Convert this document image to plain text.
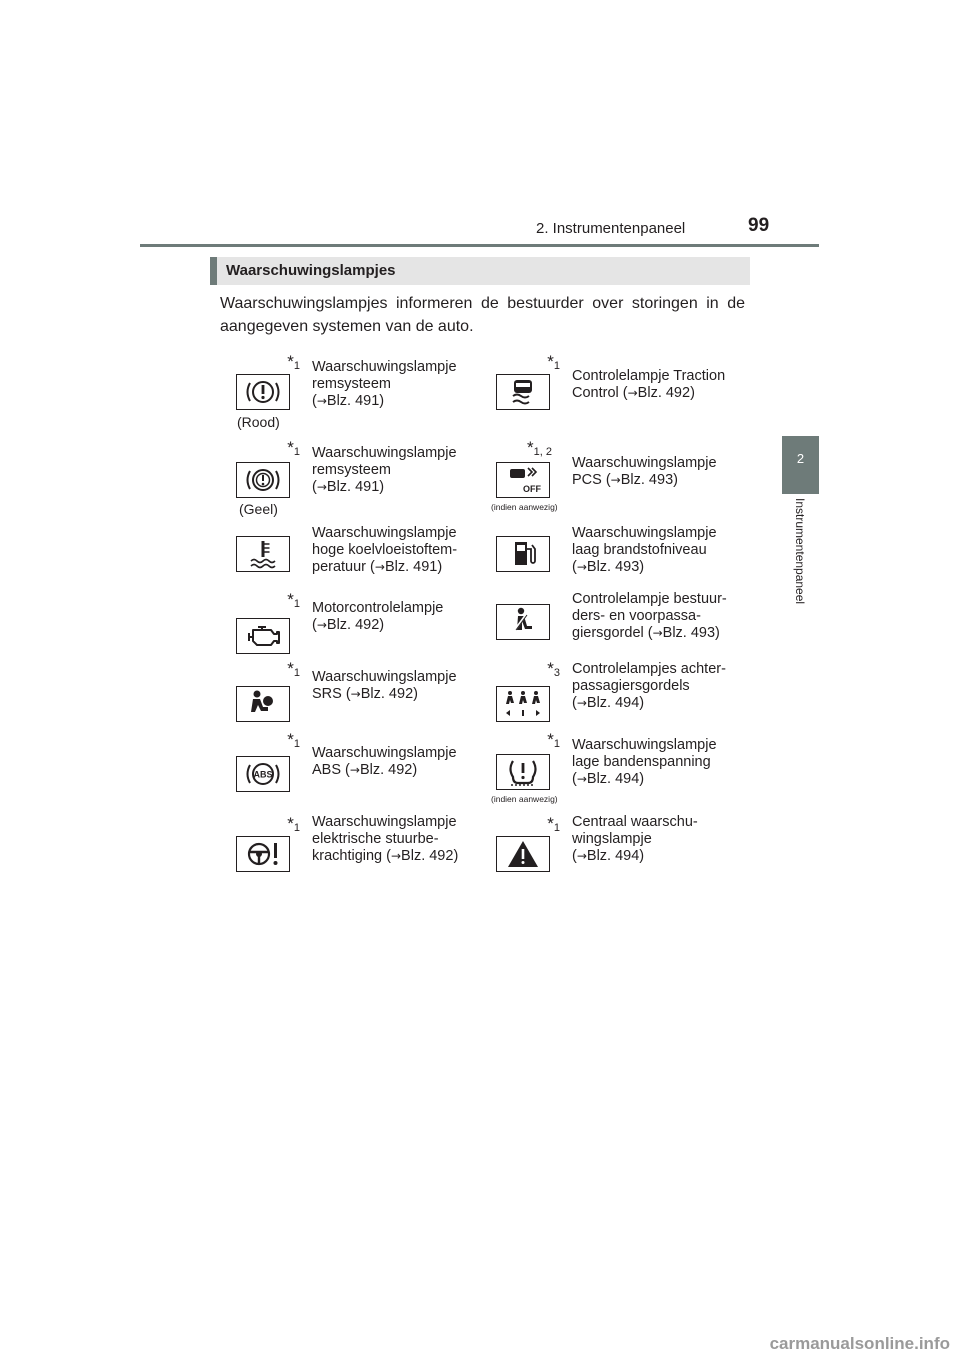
2. Instrumentenpaneel	99
2
Instrumentenpaneel
Waarschuwingslampjes
Waarschuwingslampjes informeren de bestuurder over storingen in de aangegeven systemen van de auto.
$*_1$
(Rood)
Waarschuwingslampje
remsysteem
(→Blz. 491)
$*_1$
Controlelampje Traction
Control (→Blz. 492)
$*_1$
(Geel)
Waarschuwingslampje
remsysteem
(→Blz. 491)
$*_{1, 2}$
OFF
(indien aanwezig)
Waarschuwingslampje
PCS (→Blz. 493)
Waarschuwingslampje
hoge koelvloeistoftem-
peratuur (→Blz. 491)
Waarschuwingslampje
laag brandstofniveau
(→Blz. 493)
$*_1$ Motorcontrolelampje
(→Blz. 492)
Controlelampje bestuur-
ders- en voorpassa-
giersgordel (→Blz. 493)
$*_1$ Waarschuwingslampje
SRS (→Blz. 492)
$*_3$ Controlelampjes achter-
passagiersgordels
(→Blz. 494)
$*_1$
ABS
Waarschuwingslampje
ABS (→Blz. 492)
$*_1$
(indien aanwezig)
Waarschuwingslampje
lage bandenspanning
(→Blz. 494)
$*_1$ Waarschuwingslampje
elektrische stuurbe-
krachtiging (→Blz. 492)
$*_1$ Centraal waarschu-
wingslampje
(→Blz. 494)
carmanualsonline.info
